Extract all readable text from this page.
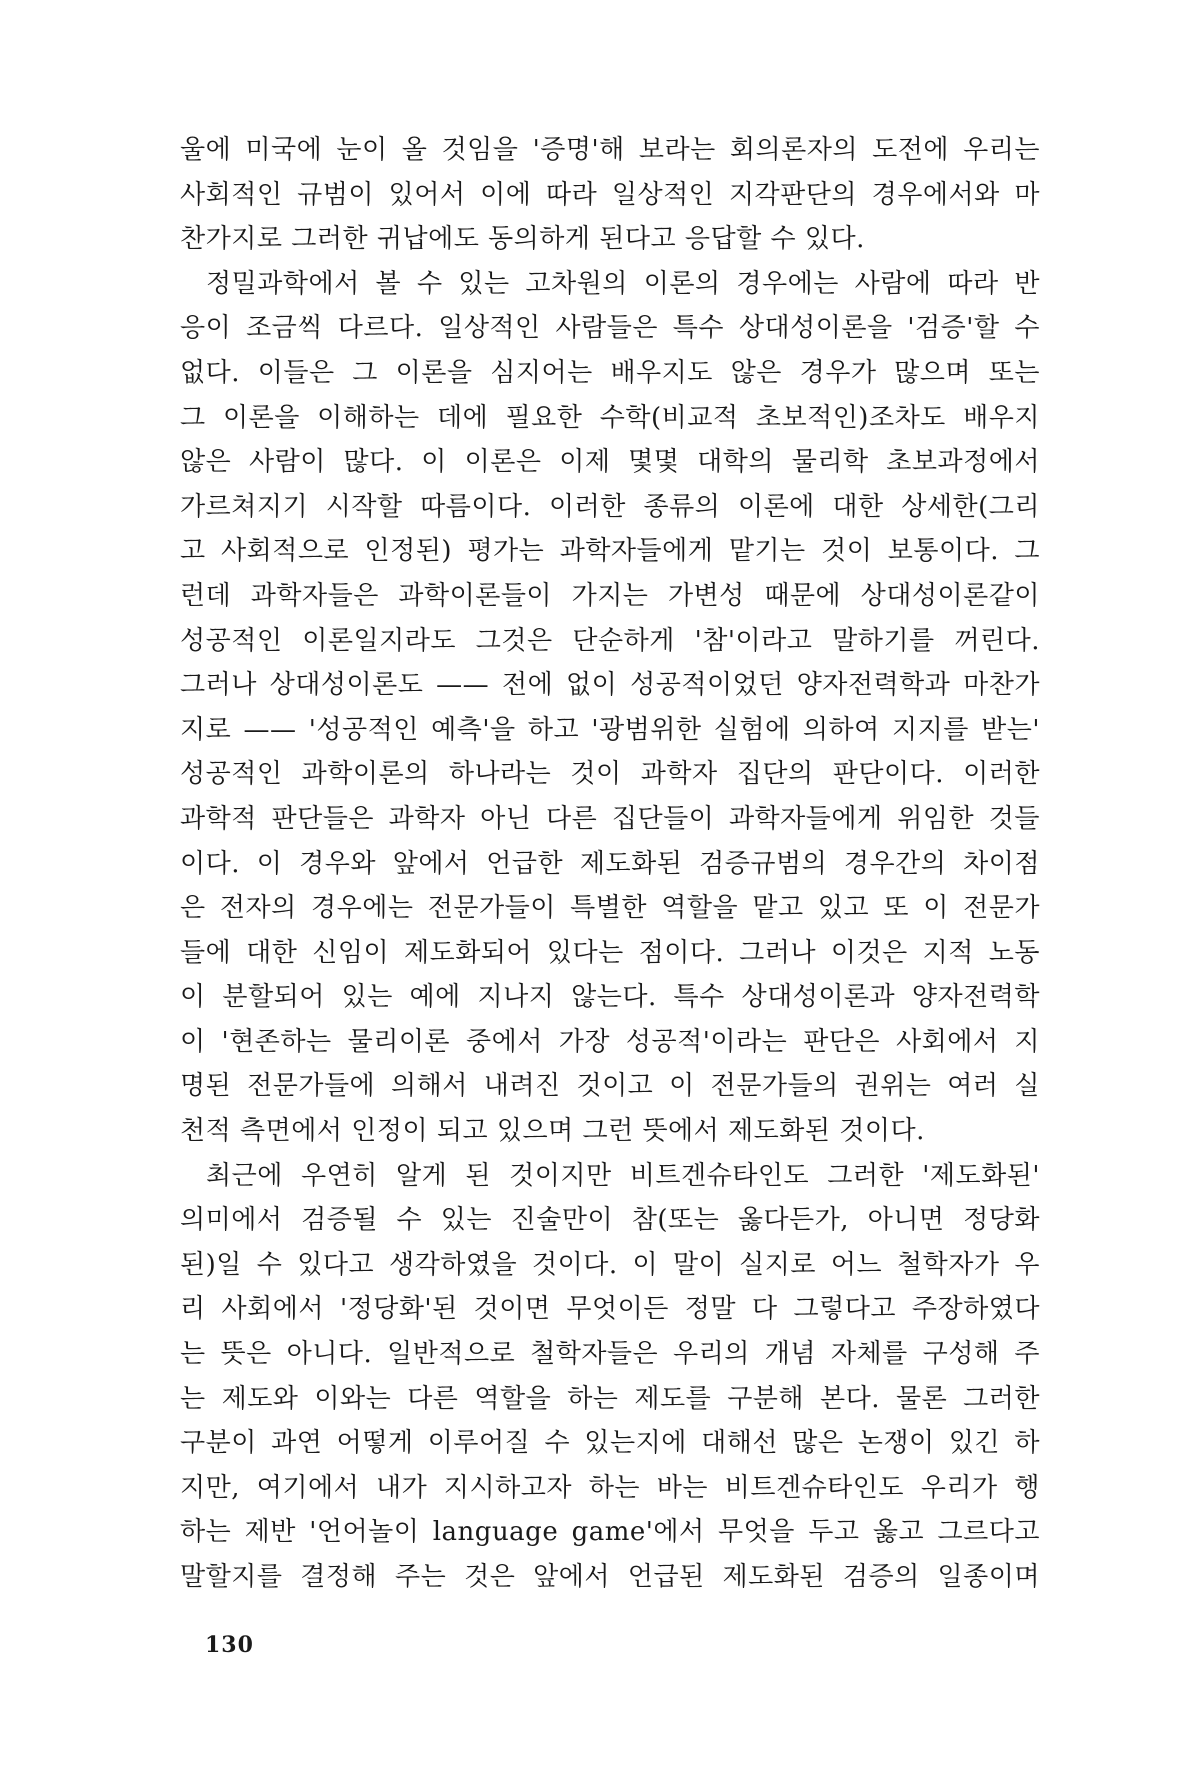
울에 미국에 눈이 올 것임을 '증명'해 보라는 회의론자의 도전에 우리는
사회적인 규범이 있어서 이에 따라 일상적인 지각판단의 경우에서와 마
찬가지로 그러한 귀납에도 동의하게 된다고 응답할 수 있다.
정밀과학에서 볼 수 있는 고차원의 이론의 경우에는 사람에 따라 반
응이 조금씩 다르다. 일상적인 사람들은 특수 상대성이론을 '검증'할 수
없다. 이들은 그 이론을 심지어는 배우지도 않은 경우가 많으며 또는
그 이론을 이해하는 데에 필요한 수학(비교적 초보적인)조차도 배우지
않은 사람이 많다. 이 이론은 이제 몇몇 대학의 물리학 초보과정에서
가르쳐지기 시작할 따름이다. 이러한 종류의 이론에 대한 상세한(그리
고 사회적으로 인정된) 평가는 과학자들에게 맡기는 것이 보통이다. 그
런데 과학자들은 과학이론들이 가지는 가변성 때문에 상대성이론같이
성공적인 이론일지라도 그것은 단순하게 '참'이라고 말하기를 꺼린다.
그러나 상대성이론도 —— 전에 없이 성공적이었던 양자전력학과 마찬가
지로 —— '성공적인 예측'을 하고 '광범위한 실험에 의하여 지지를 받는'
성공적인 과학이론의 하나라는 것이 과학자 집단의 판단이다. 이러한
과학적 판단들은 과학자 아닌 다른 집단들이 과학자들에게 위임한 것들
이다. 이 경우와 앞에서 언급한 제도화된 검증규범의 경우간의 차이점
은 전자의 경우에는 전문가들이 특별한 역할을 맡고 있고 또 이 전문가
들에 대한 신임이 제도화되어 있다는 점이다. 그러나 이것은 지적 노동
이 분할되어 있는 예에 지나지 않는다. 특수 상대성이론과 양자전력학
이 '현존하는 물리이론 중에서 가장 성공적'이라는 판단은 사회에서 지
명된 전문가들에 의해서 내려진 것이고 이 전문가들의 권위는 여러 실
천적 측면에서 인정이 되고 있으며 그런 뜻에서 제도화된 것이다.
최근에 우연히 알게 된 것이지만 비트겐슈타인도 그러한 '제도화된'
의미에서 검증될 수 있는 진술만이 참(또는 옳다든가, 아니면 정당화
된)일 수 있다고 생각하였을 것이다. 이 말이 실지로 어느 철학자가 우
리 사회에서 '정당화'된 것이면 무엇이든 정말 다 그렇다고 주장하였다
는 뜻은 아니다. 일반적으로 철학자들은 우리의 개념 자체를 구성해 주
는 제도와 이와는 다른 역할을 하는 제도를 구분해 본다. 물론 그러한
구분이 과연 어떻게 이루어질 수 있는지에 대해선 많은 논쟁이 있긴 하
지만, 여기에서 내가 지시하고자 하는 바는 비트겐슈타인도 우리가 행
하는 제반 '언어놀이 language game'에서 무엇을 두고 옳고 그르다고
말할지를 결정해 주는 것은 앞에서 언급된 제도화된 검증의 일종이며
130
